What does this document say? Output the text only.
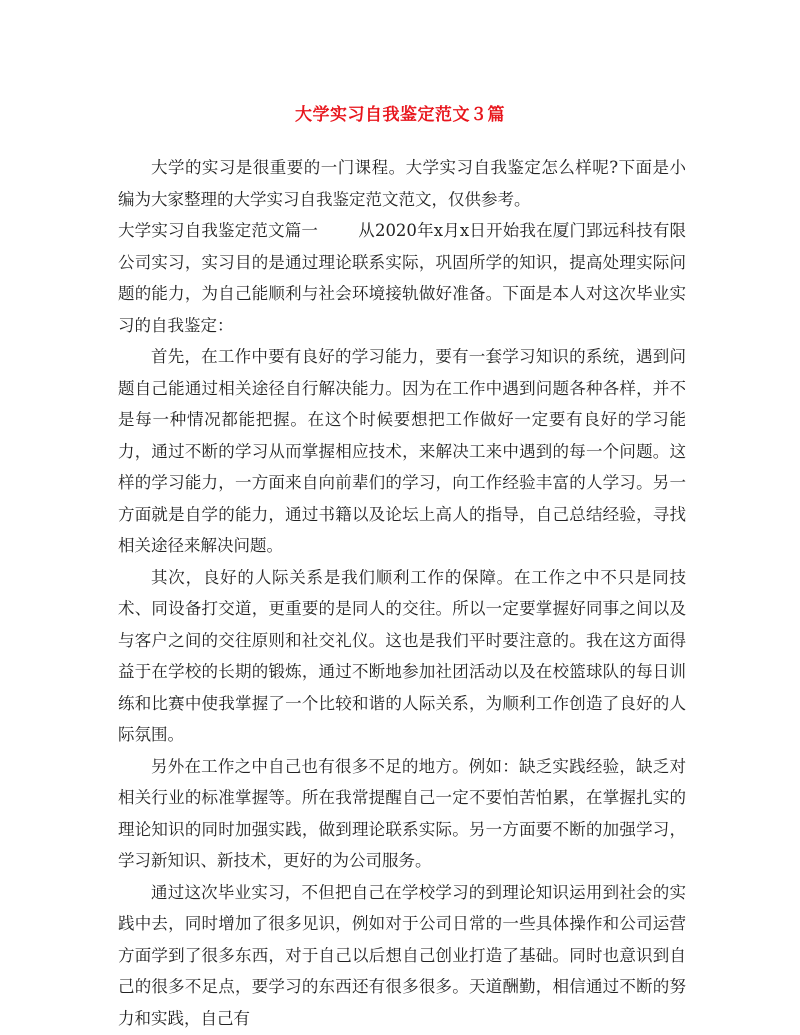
大学实习自我鉴定范文３篇

大学的实习是很重要的一门课程。大学实习自我鉴定怎么样呢?下面是小编为大家整理的大学实习自我鉴定范文范文，仅供参考。

大学实习自我鉴定范文篇一 从2020年x月x日开始我在厦门郢远科技有限公司实习，实习目的是通过理论联系实际，巩固所学的知识，提高处理实际问题的能力，为自己能顺利与社会环境接轨做好准备。下面是本人对这次毕业实习的自我鉴定：

首先，在工作中要有良好的学习能力，要有一套学习知识的系统，遇到问题自己能通过相关途径自行解决能力。因为在工作中遇到问题各种各样，并不是每一种情况都能把握。在这个时候要想把工作做好一定要有良好的学习能力，通过不断的学习从而掌握相应技术，来解决工来中遇到的每一个问题。这样的学习能力，一方面来自向前辈们的学习，向工作经验丰富的人学习。另一方面就是自学的能力，通过书籍以及论坛上高人的指导，自己总结经验，寻找相关途径来解决问题。

其次，良好的人际关系是我们顺利工作的保障。在工作之中不只是同技术、同设备打交道，更重要的是同人的交往。所以一定要掌握好同事之间以及与客户之间的交往原则和社交礼仪。这也是我们平时要注意的。我在这方面得益于在学校的长期的锻炼，通过不断地参加社团活动以及在校篮球队的每日训练和比赛中使我掌握了一个比较和谐的人际关系，为顺利工作创造了良好的人际氛围。

另外在工作之中自己也有很多不足的地方。例如：缺乏实践经验，缺乏对相关行业的标准掌握等。所在我常提醒自己一定不要怕苦怕累，在掌握扎实的理论知识的同时加强实践，做到理论联系实际。另一方面要不断的加强学习，学习新知识、新技术，更好的为公司服务。

通过这次毕业实习，不但把自己在学校学习的到理论知识运用到社会的实践中去，同时增加了很多见识，例如对于公司日常的一些具体操作和公司运营方面学到了很多东西，对于自己以后想自己创业打造了基础。同时也意识到自己的很多不足点，要学习的东西还有很多很多。天道酬勤，相信通过不断的努力和实践，自己有
